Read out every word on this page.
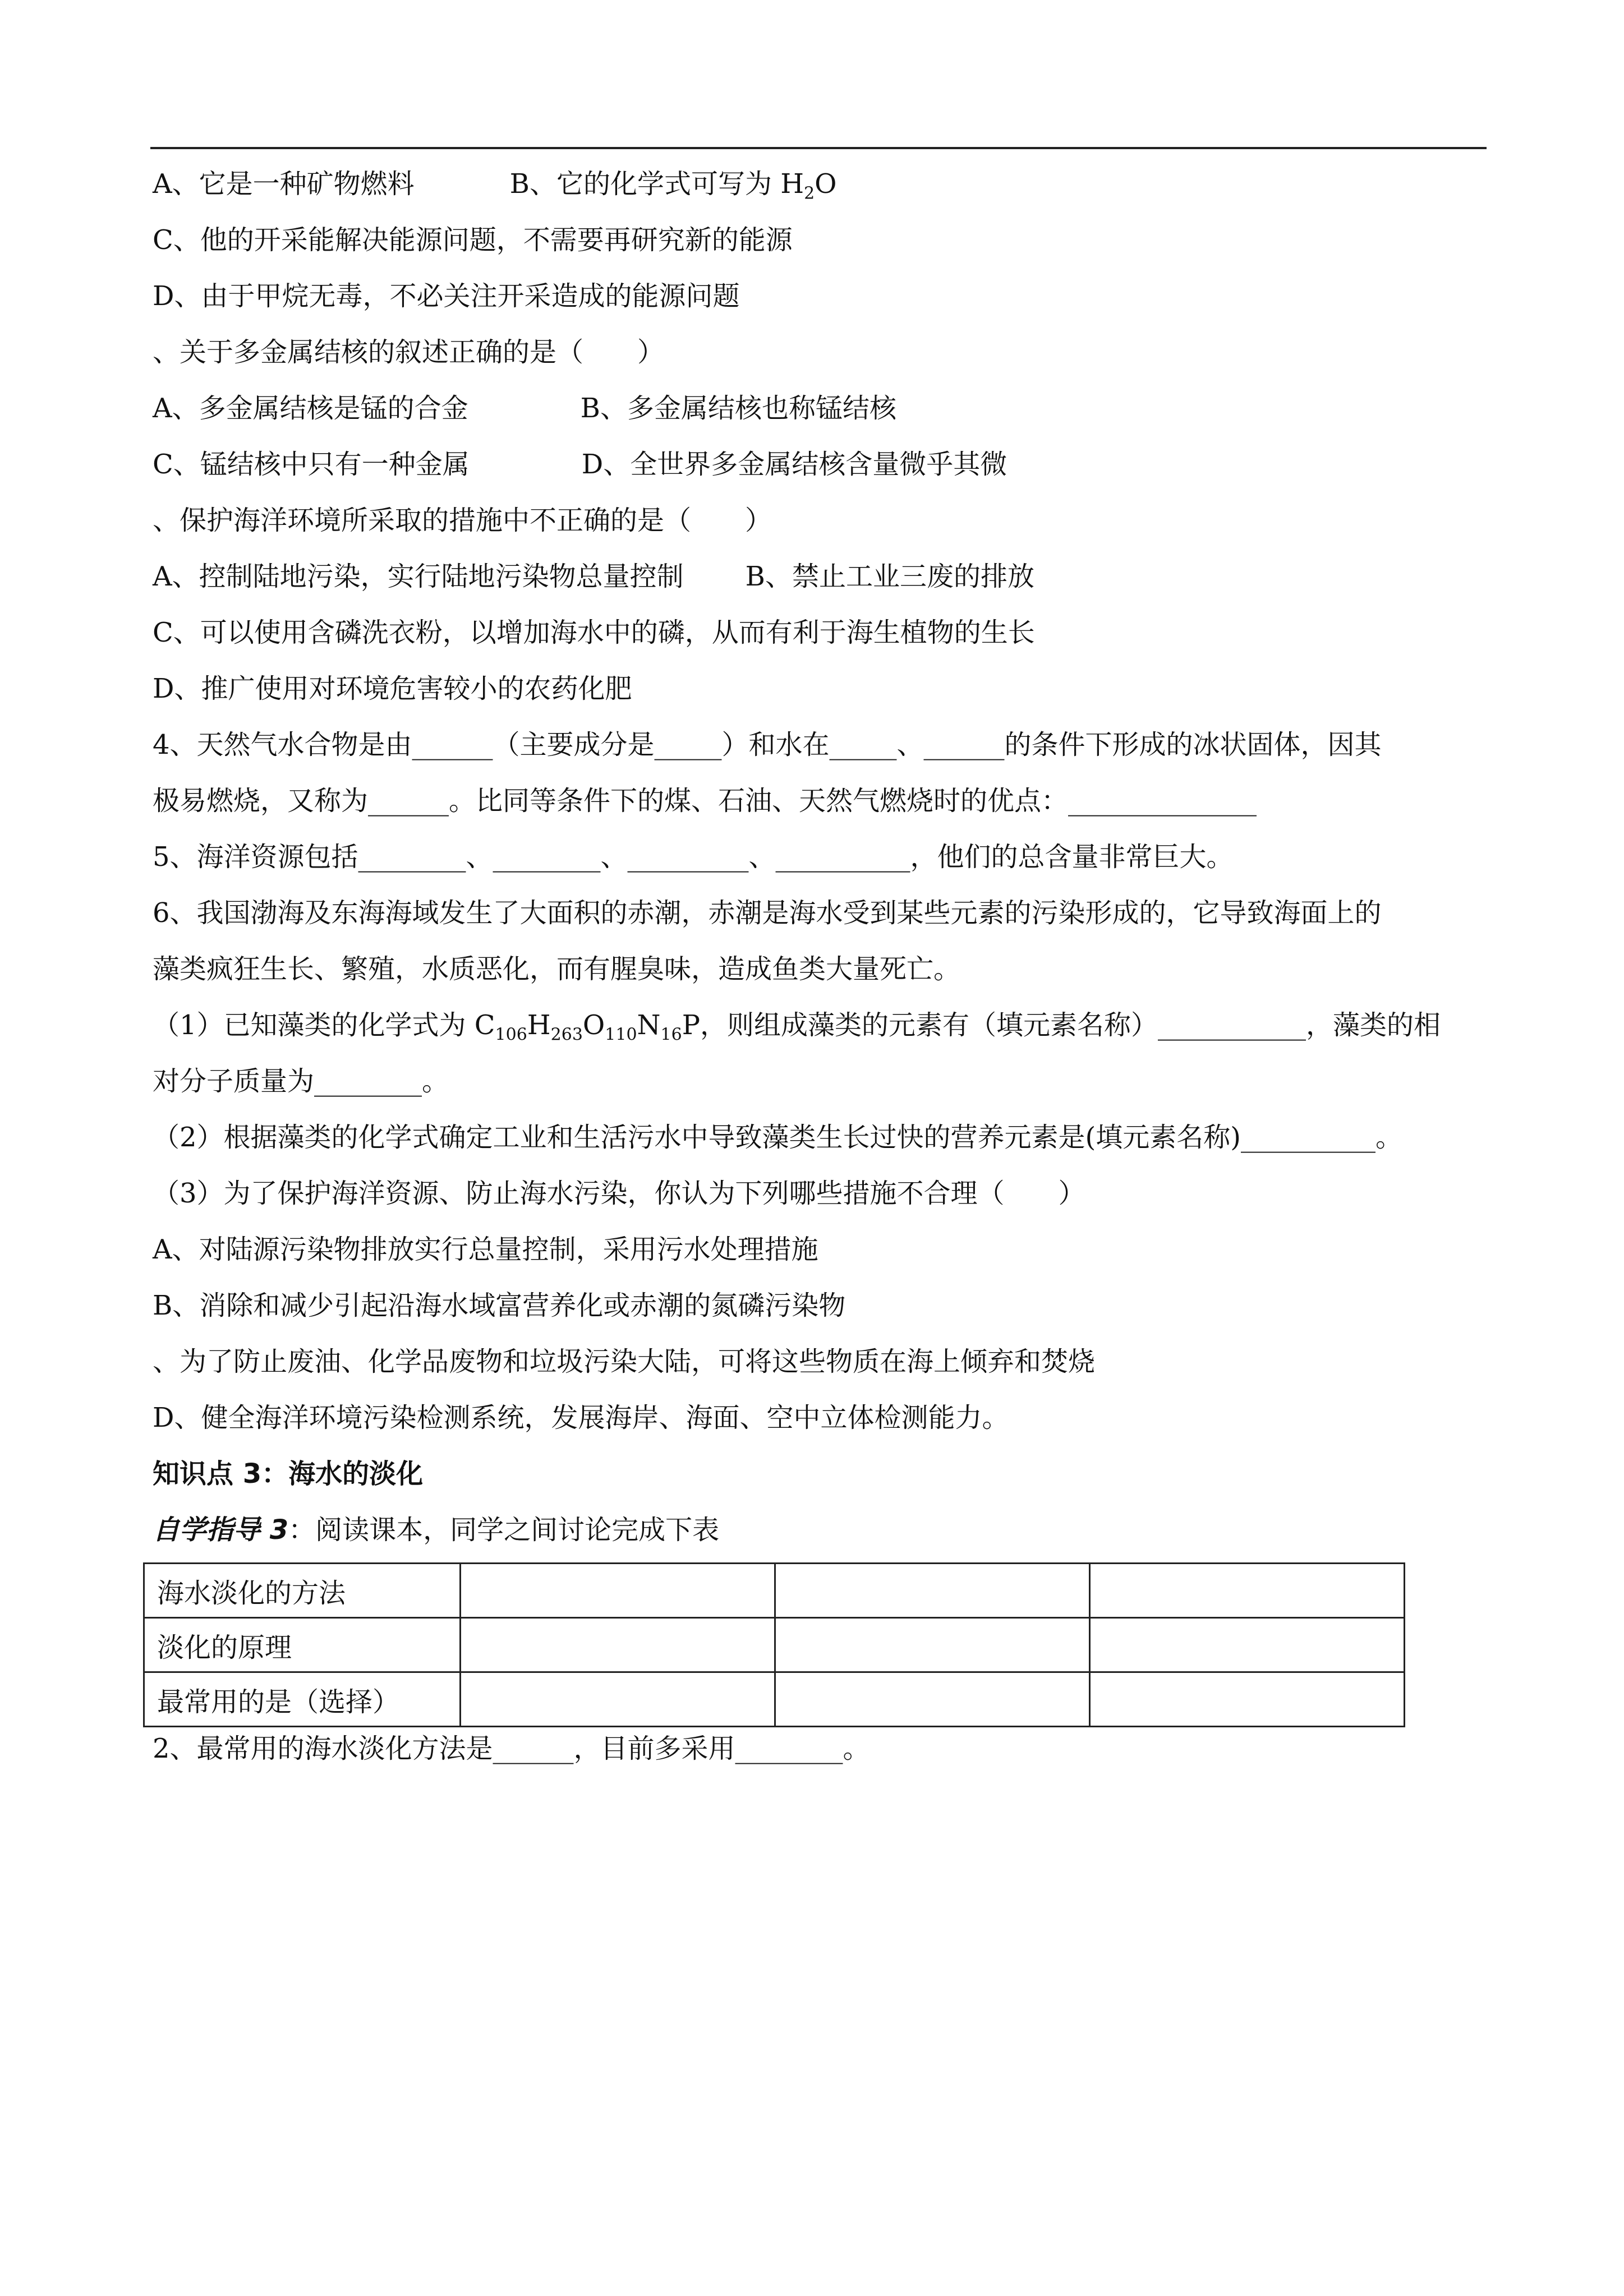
A、它是一种矿物燃料	B、它的化学式可写为 $H_2O$
C、他的开采能解决能源问题，不需要再研究新的能源
D、由于甲烷无毒，不必关注开采造成的能源问题
、关于多金属结核的叙述正确的是（　　）
A、多金属结核是锰的合金	B、多金属结核也称锰结核
C、锰结核中只有一种金属	D、全世界多金属结核含量微乎其微
、保护海洋环境所采取的措施中不正确的是（　　）
A、控制陆地污染，实行陆地污染物总量控制 B、禁止工业三废的排放
C、可以使用含磷洗衣粉，以增加海水中的磷，从而有利于海生植物的生长
D、推广使用对环境危害较小的农药化肥
4、天然气水合物是由______（主要成分是_____）和水在_____、______的条件下形成的冰状固体，因其
极易燃烧，又称为______。比同等条件下的煤、石油、天然气燃烧时的优点：______________
5、海洋资源包括________、________、_________、__________，他们的总含量非常巨大。
6、我国渤海及东海海域发生了大面积的赤潮，赤潮是海水受到某些元素的污染形成的，它导致海面上的
藻类疯狂生长、繁殖，水质恶化，而有腥臭味，造成鱼类大量死亡。
（1）已知藻类的化学式为 $C_{106}H_{263}O_{110}N_{16}P$，则组成藻类的元素有（填元素名称）___________，藻类的相
对分子质量为________。
（2）根据藻类的化学式确定工业和生活污水中导致藻类生长过快的营养元素是(填元素名称)__________。
（3）为了保护海洋资源、防止海水污染，你认为下列哪些措施不合理（　　）
A、对陆源污染物排放实行总量控制，采用污水处理措施
B、消除和减少引起沿海水域富营养化或赤潮的氮磷污染物
、为了防止废油、化学品废物和垃圾污染大陆，可将这些物质在海上倾弃和焚烧
D、健全海洋环境污染检测系统，发展海岸、海面、空中立体检测能力。
知识点 3：海水的淡化
自学指导 3：阅读课本，同学之间讨论完成下表
海水淡化的方法			
淡化的原理			
最常用的是（选择）			
2、最常用的海水淡化方法是______，目前多采用________。
